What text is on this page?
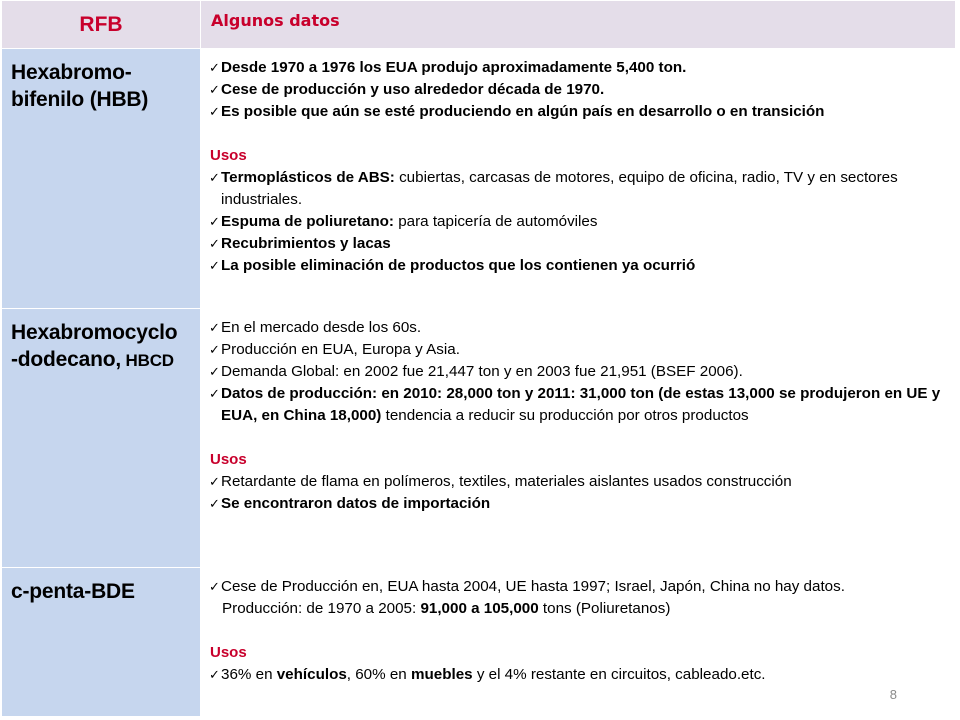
RFB	Algunos datos
Hexabromo-
bifenilo (HBB)
✓ Desde 1970 a 1976 los EUA produjo aproximadamente 5,400 ton.
✓ Cese de producción y uso alrededor década de 1970.
✓ Es posible que aún se esté produciendo en algún país en desarrollo o en transición
Usos
✓ Termoplásticos de ABS: cubiertas, carcasas de motores, equipo de oficina, radio, TV y en sectores industriales.
✓ Espuma de poliuretano: para tapicería de automóviles
✓ Recubrimientos y lacas
✓ La posible eliminación de productos que los contienen ya ocurrió
Hexabromocyclo
-dodecano, HBCD
✓ En el mercado desde los 60s.
✓ Producción en EUA, Europa y Asia.
✓ Demanda Global: en 2002 fue 21,447 ton y en 2003 fue 21,951 (BSEF 2006).
✓ Datos de producción: en 2010: 28,000 ton y 2011: 31,000 ton (de estas 13,000 se produjeron en UE y EUA, en China 18,000) tendencia a reducir su producción por otros productos
Usos
✓ Retardante de flama en polímeros, textiles, materiales aislantes usados construcción
✓ Se encontraron datos de importación
c-penta-BDE	✓ Cese de Producción en, EUA hasta 2004, UE hasta 1997; Israel, Japón, China no hay datos.
Producción: de 1970 a 2005: 91,000 a 105,000 tons (Poliuretanos)
Usos
✓ 36% en vehículos, 60% en muebles y el 4% restante en circuitos, cableado.etc.
8
